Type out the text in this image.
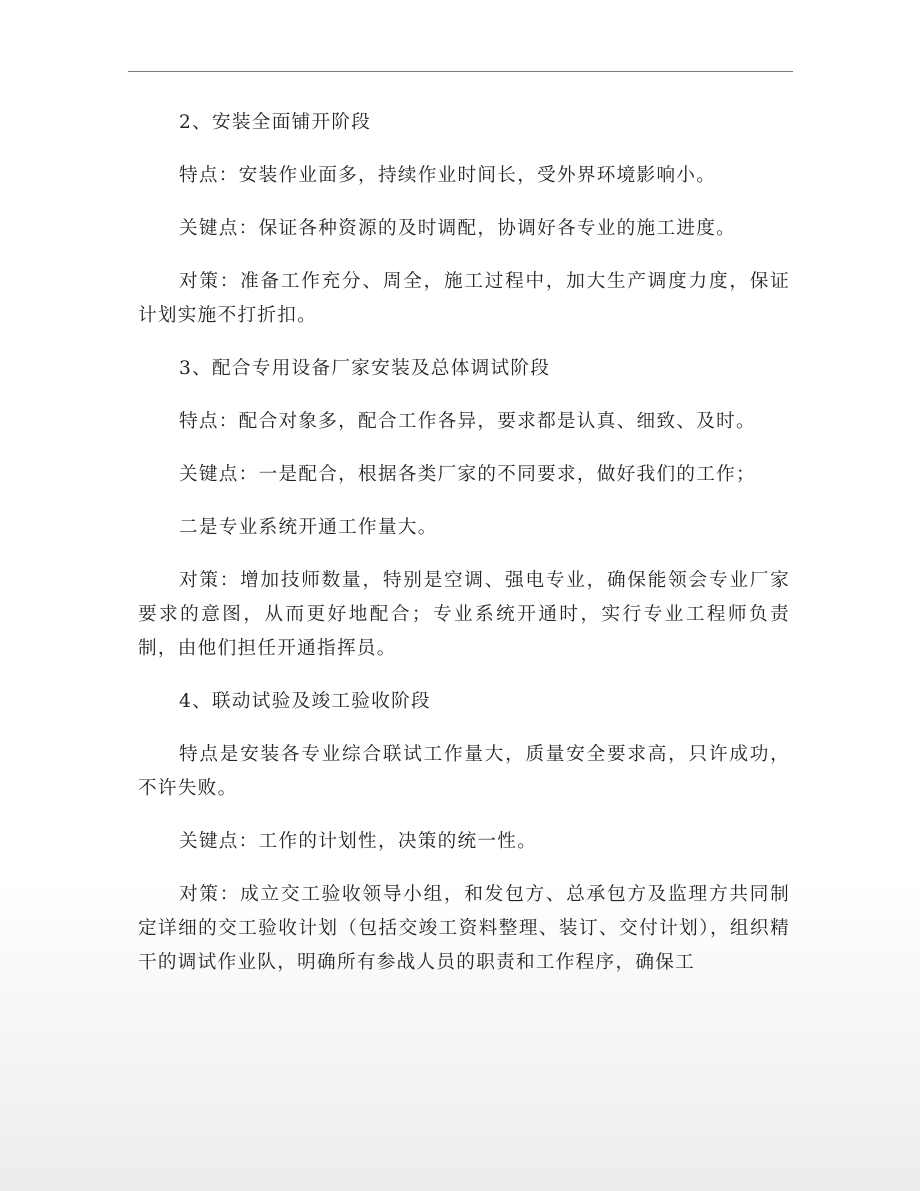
2、安装全面铺开阶段

特点：安装作业面多，持续作业时间长，受外界环境影响小。

关键点：保证各种资源的及时调配，协调好各专业的施工进度。

对策：准备工作充分、周全，施工过程中，加大生产调度力度，保证计划实施不打折扣。

3、配合专用设备厂家安装及总体调试阶段

特点：配合对象多，配合工作各异，要求都是认真、细致、及时。

关键点：一是配合，根据各类厂家的不同要求，做好我们的工作；

二是专业系统开通工作量大。

对策：增加技师数量，特别是空调、强电专业，确保能领会专业厂家要求的意图，从而更好地配合；专业系统开通时，实行专业工程师负责制，由他们担任开通指挥员。

4、联动试验及竣工验收阶段

特点是安装各专业综合联试工作量大，质量安全要求高，只许成功，不许失败。

关键点：工作的计划性，决策的统一性。

对策：成立交工验收领导小组，和发包方、总承包方及监理方共同制定详细的交工验收计划（包括交竣工资料整理、装订、交付计划），组织精干的调试作业队，明确所有参战人员的职责和工作程序，确保工
